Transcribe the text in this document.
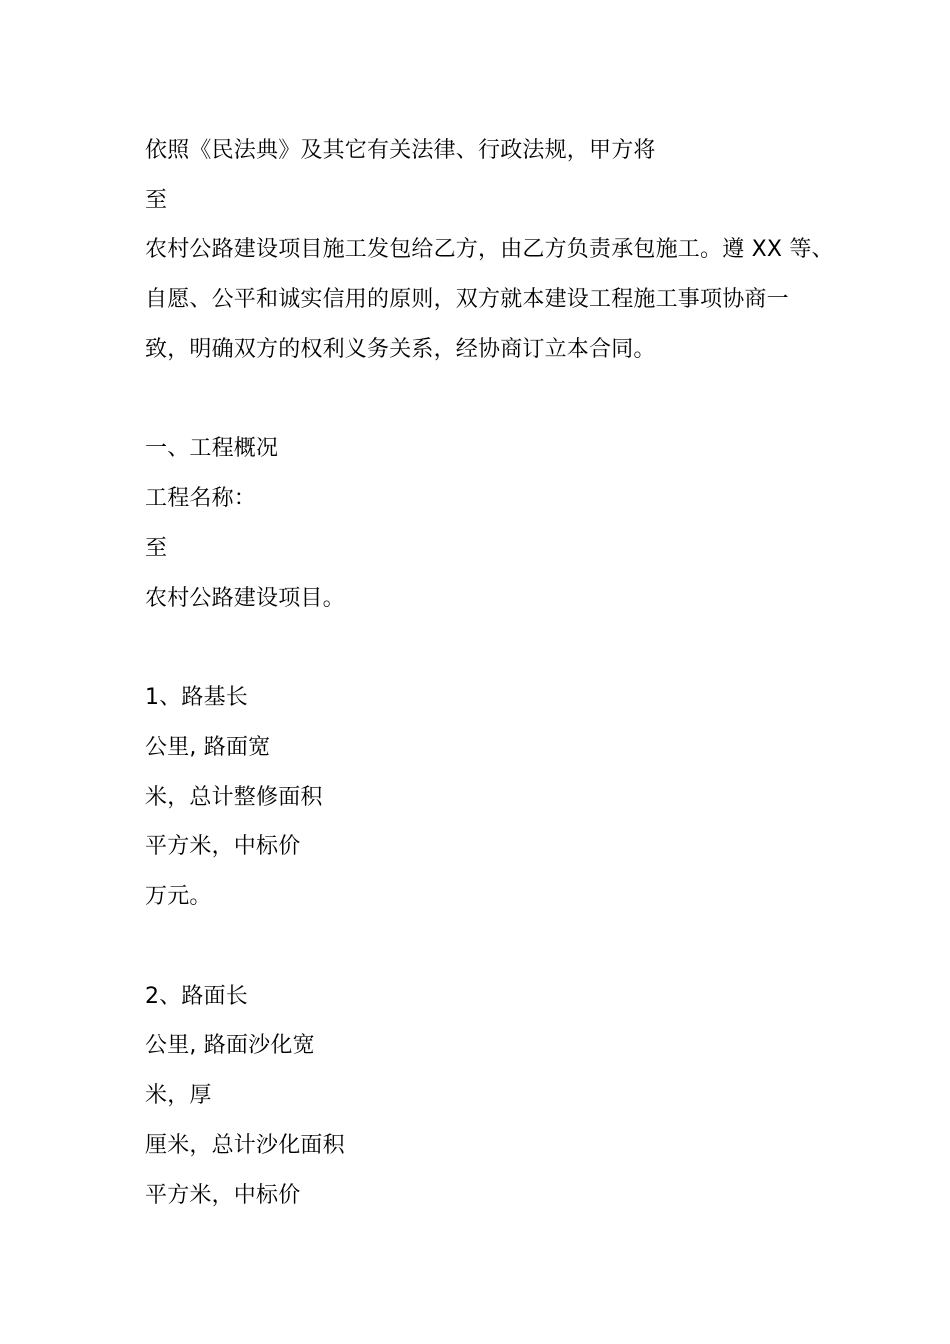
依照《民法典》及其它有关法律、行政法规，甲方将
至
农村公路建设项目施工发包给乙方，由乙方负责承包施工。遵 XX 等、
自愿、公平和诚实信用的原则，双方就本建设工程施工事项协商一
致，明确双方的权利义务关系，经协商订立本合同。
一、工程概况
工程名称：
至
农村公路建设项目。
1、路基长
公里, 路面宽
米，总计整修面积
平方米，中标价
万元。
2、路面长
公里, 路面沙化宽
米，厚
厘米，总计沙化面积
平方米，中标价
